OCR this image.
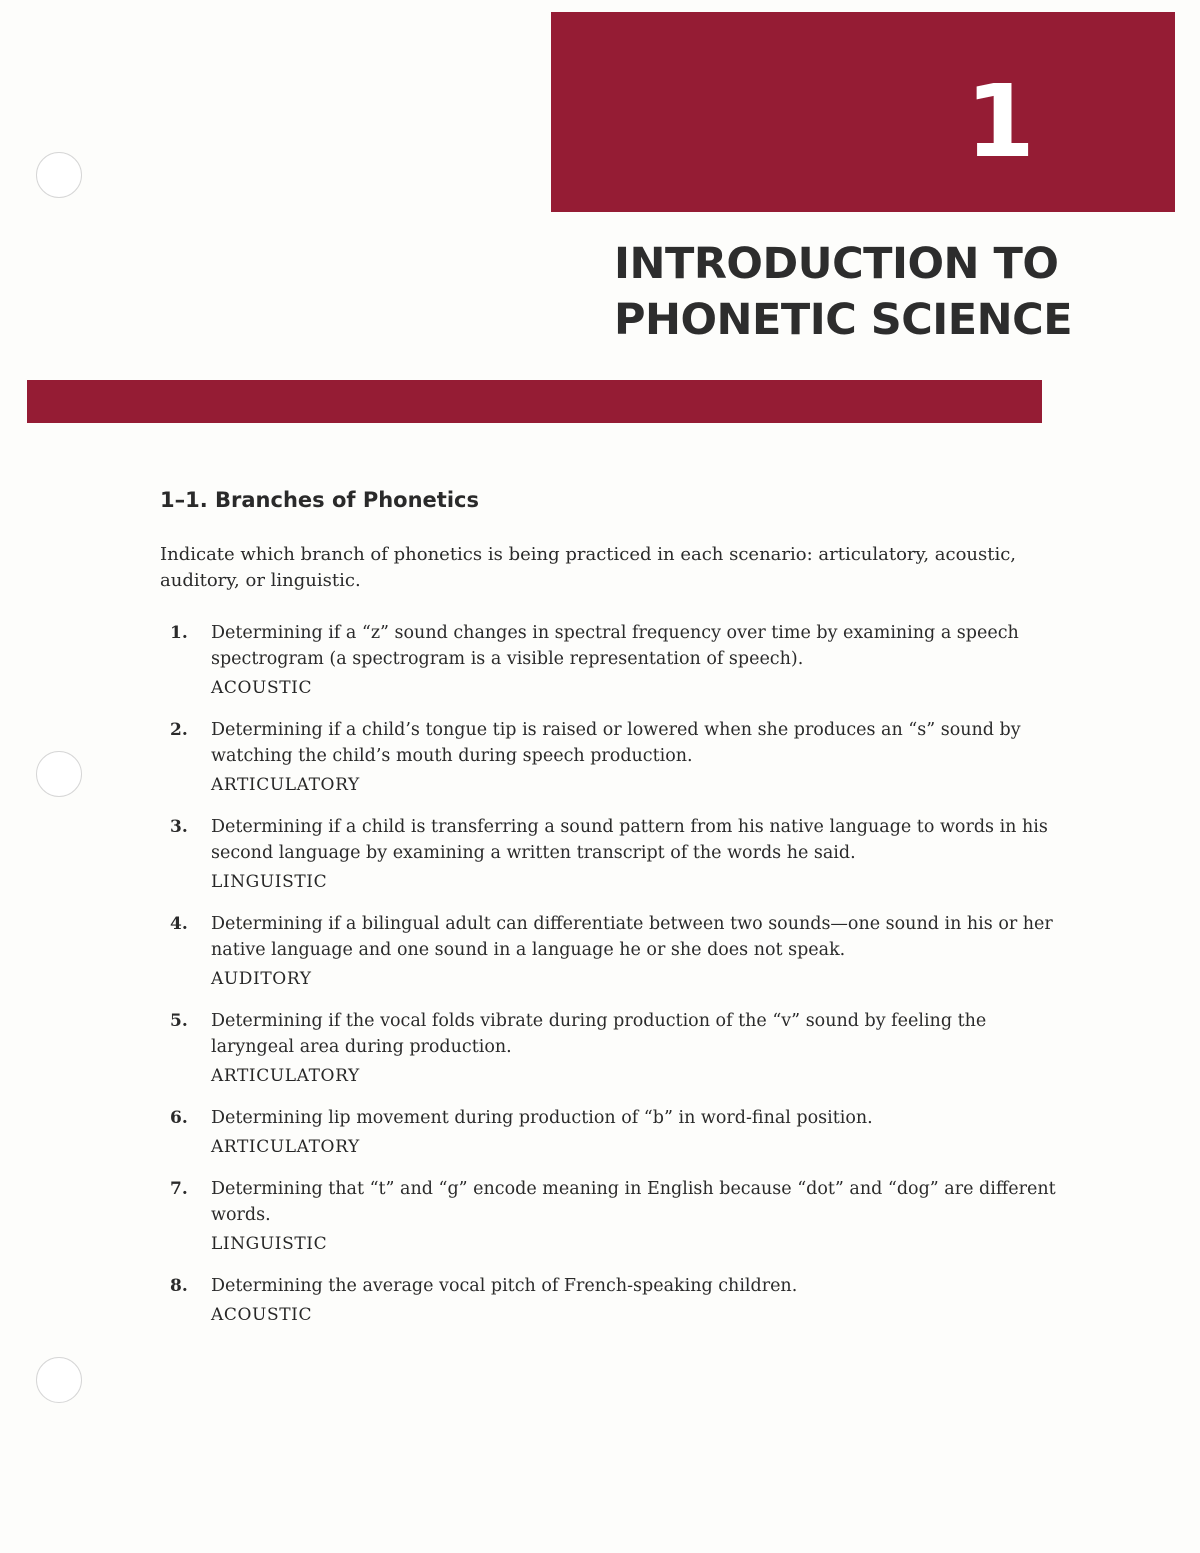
1

INTRODUCTION TO
PHONETIC SCIENCE
1–1. Branches of Phonetics

Indicate which branch of phonetics is being practiced in each scenario: articulatory, acoustic, auditory, or linguistic.

1. Determining if a “z” sound changes in spectral frequency over time by examining a speech spectrogram (a spectrogram is a visible representation of speech).
ACOUSTIC
2. Determining if a child’s tongue tip is raised or lowered when she produces an “s” sound by watching the child’s mouth during speech production.
ARTICULATORY
3. Determining if a child is transferring a sound pattern from his native language to words in his second language by examining a written transcript of the words he said.
LINGUISTIC
4. Determining if a bilingual adult can differentiate between two sounds—one sound in his or her native language and one sound in a language he or she does not speak.
AUDITORY
5. Determining if the vocal folds vibrate during production of the “v” sound by feeling the laryngeal area during production.
ARTICULATORY
6. Determining lip movement during production of “b” in word-final position.
ARTICULATORY
7. Determining that “t” and “g” encode meaning in English because “dot” and “dog” are different words.
LINGUISTIC
8. Determining the average vocal pitch of French-speaking children.
ACOUSTIC
